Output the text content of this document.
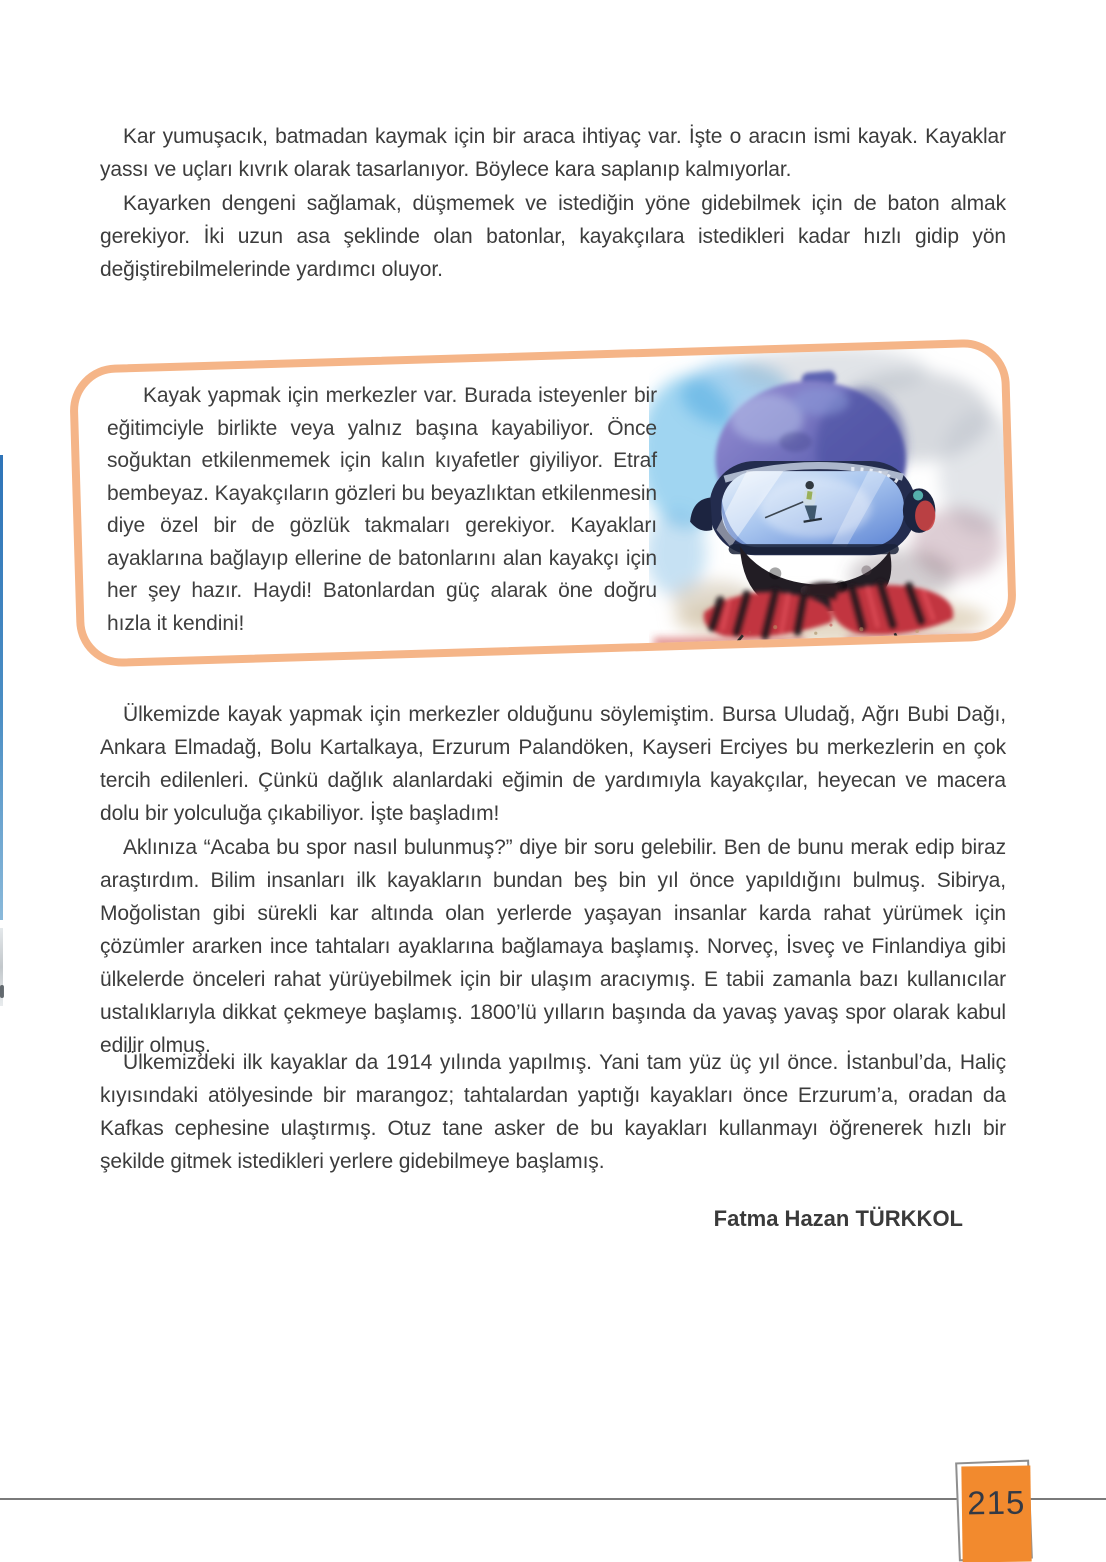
Kar yumuşacık, batmadan kaymak için bir araca ihtiyaç var. İşte o aracın ismi kayak. Kayaklar yassı ve uçları kıvrık olarak tasarlanıyor. Böylece kara saplanıp kalmıyorlar.

Kayarken dengeni sağlamak, düşmemek ve istediğin yöne gidebilmek için de baton almak gerekiyor. İki uzun asa şeklinde olan batonlar, kayakçılara istedikleri kadar hızlı gidip yön değiştirebilmelerinde yardımcı oluyor.

Kayak yapmak için merkezler var. Burada isteyenler bir eğitimciyle birlikte veya yalnız başına kayabiliyor. Önce soğuktan etkilenmemek için kalın kıyafetler giyiliyor. Etraf bembeyaz. Kayakçıların gözleri bu beyazlıktan etkilenmesin diye özel bir de gözlük takmaları gerekiyor. Kayakları ayaklarına bağlayıp ellerine de batonlarını alan kayakçı için her şey hazır. Haydi! Batonlardan güç alarak öne doğru hızla it kendini!

Ülkemizde kayak yapmak için merkezler olduğunu söylemiştim. Bursa Uludağ, Ağrı Bubi Dağı, Ankara Elmadağ, Bolu Kartalkaya, Erzurum Palandöken, Kayseri Erciyes bu merkezlerin en çok tercih edilenleri. Çünkü dağlık alanlardaki eğimin de yardımıyla kayakçılar, heyecan ve macera dolu bir yolculuğa çıkabiliyor. İşte başladım!

Aklınıza “Acaba bu spor nasıl bulunmuş?” diye bir soru gelebilir. Ben de bunu merak edip biraz araştırdım. Bilim insanları ilk kayakların bundan beş bin yıl önce yapıldığını bulmuş. Sibirya, Moğolistan gibi sürekli kar altında olan yerlerde yaşayan insanlar karda rahat yürümek için çözümler ararken ince tahtaları ayaklarına bağlamaya başlamış. Norveç, İsveç ve Finlandiya gibi ülkelerde önceleri rahat yürüyebilmek için bir ulaşım aracıymış. E tabii zamanla bazı kullanıcılar ustalıklarıyla dikkat çekmeye başlamış. 1800’lü yılların başında da yavaş yavaş spor olarak kabul edilir olmuş.

Ülkemizdeki ilk kayaklar da 1914 yılında yapılmış. Yani tam yüz üç yıl önce. İstanbul’da, Haliç kıyısındaki atölyesinde bir marangoz; tahtalardan yaptığı kayakları önce Erzurum’a, oradan da Kafkas cephesine ulaştırmış. Otuz tane asker de bu kayakları kullanmayı öğrenerek hızlı bir şekilde gitmek istedikleri yerlere gidebilmeye başlamış.

Fatma Hazan TÜRKKOL

215
